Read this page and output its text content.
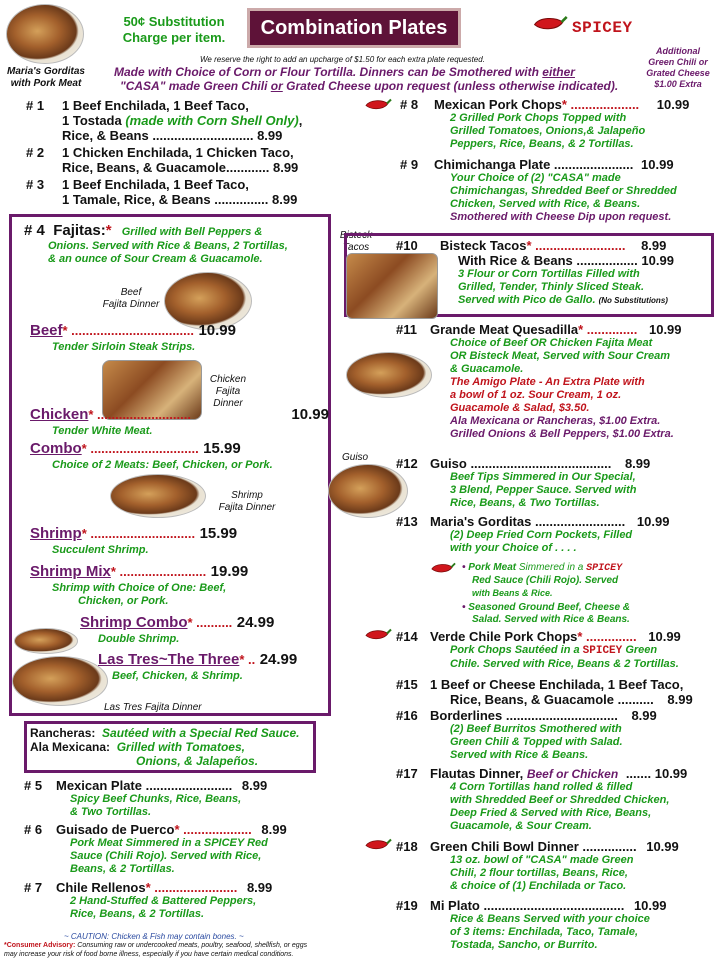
Maria's Gorditas
with Pork Meat
50¢ Substitution
Charge per item.	Combination Plates	SPICEY
Additional
Green Chili or
Grated Cheese
$1.00 Extra
We reserve the right to add an upcharge of $1.50 for each extra plate requested.
Made with Choice of Corn or Flour Tortilla. Dinners can be Smothered with either
"CASA" made Green Chili or Grated Cheese upon request (unless otherwise indicated).
# 1 1 Beef Enchilada, 1 Beef Taco,
1 Tostada (made with Corn Shell Only),
Rice, & Beans ............................ 8.99
# 2 1 Chicken Enchilada, 1 Chicken Taco,
Rice, Beans, & Guacamole............ 8.99
# 3 1 Beef Enchilada, 1 Beef Taco,
1 Tamale, Rice, & Beans ............... 8.99
# 4 Fajitas:* Grilled with Bell Peppers &
Onions. Served with Rice & Beans, 2 Tortillas,
& an ounce of Sour Cream & Guacamole.
Beef
Fajita Dinner
Beef* .................................. 10.99
Tender Sirloin Steak Strips.
Chicken
Fajita
Dinner
Chicken* ..........................	10.99
Tender White Meat.
Combo* .............................. 15.99
Choice of 2 Meats: Beef, Chicken, or Pork.
Shrimp
Fajita Dinner
Shrimp* ............................. 15.99
Succulent Shrimp.
Shrimp Mix* ........................ 19.99
Shrimp with Choice of One: Beef,
Chicken, or Pork.
Shrimp Combo* .......... 24.99
Double Shrimp.
Las Tres~The Three* .. 24.99
Beef, Chicken, & Shrimp.
Las Tres Fajita Dinner
Rancheras: Sautéed with a Special Red Sauce.
Ala Mexicana: Grilled with Tomatoes,
Onions, & Jalapeños.
# 5 Mexican Plate ........................ 8.99
Spicy Beef Chunks, Rice, Beans,
& Two Tortillas.
# 6 Guisado de Puerco* ................... 8.99
Pork Meat Simmered in a SPICEY Red
Sauce (Chili Rojo). Served with Rice,
Beans, & 2 Tortillas.
# 7 Chile Rellenos* ....................... 8.99
2 Hand-Stuffed & Battered Peppers,
Rice, Beans, & 2 Tortillas.
~ CAUTION: Chicken & Fish may contain bones. ~
*Consumer Advisory: Consuming raw or undercooked meats, poultry, seafood, shellfish, or eggs
may increase your risk of food borne illness, especially if you have certain medical conditions.
# 8 Mexican Pork Chops* ................... 10.99
2 Grilled Pork Chops Topped with
Grilled Tomatoes, Onions,& Jalapeño
Peppers, Rice, Beans, & 2 Tortillas.
# 9 Chimichanga Plate ...................... 10.99
Your Choice of (2) "CASA" made
Chimichangas, Shredded Beef or Shredded
Chicken, Served with Rice, & Beans.
Smothered with Cheese Dip upon request.
Bisteck
Tacos	#10 Bisteck Tacos* ......................... 8.99
With Rice & Beans ................. 10.99
3 Flour or Corn Tortillas Filled with
Grilled, Tender, Thinly Sliced Steak.
Served with Pico de Gallo. (No Substitutions)
#11 Grande Meat Quesadilla* .............. 10.99
Choice of Beef OR Chicken Fajita Meat
OR Bisteck Meat, Served with Sour Cream
& Guacamole.
The Amigo Plate - An Extra Plate with
a bowl of 1 oz. Sour Cream, 1 oz.
Guacamole & Salad, $3.50.
Ala Mexicana or Rancheras, $1.00 Extra.
Grilled Onions & Bell Peppers, $1.00 Extra.
Guiso #12 Guiso ....................................... 8.99
Beef Tips Simmered in Our Special,
3 Blend, Pepper Sauce. Served with
Rice, Beans, & Two Tortillas.
#13 Maria's Gorditas ......................... 10.99
(2) Deep Fried Corn Pockets, Filled
with your Choice of . . . .
• Pork Meat Simmered in a SPICEY
Red Sauce (Chili Rojo). Served
with Beans & Rice.
• Seasoned Ground Beef, Cheese &
Salad. Served with Rice & Beans.
#14 Verde Chile Pork Chops* .............. 10.99
Pork Chops Sautéed in a SPICEY Green
Chile. Served with Rice, Beans & 2 Tortillas.
#15 1 Beef or Cheese Enchilada, 1 Beef Taco,
Rice, Beans, & Guacamole .......... 8.99
#16 Borderlines ............................... 8.99
(2) Beef Burritos Smothered with
Green Chili & Topped with Salad.
Served with Rice & Beans.
#17 Flautas Dinner, Beef or Chicken ....... 10.99
4 Corn Tortillas hand rolled & filled
with Shredded Beef or Shredded Chicken,
Deep Fried & Served with Rice, Beans,
Guacamole, & Sour Cream.
#18 Green Chili Bowl Dinner ............... 10.99
13 oz. bowl of "CASA" made Green
Chili, 2 flour tortillas, Beans, Rice,
& choice of (1) Enchilada or Taco.
#19 Mi Plato ....................................... 10.99
Rice & Beans Served with your choice
of 3 items: Enchilada, Taco, Tamale,
Tostada, Sancho, or Burrito.
